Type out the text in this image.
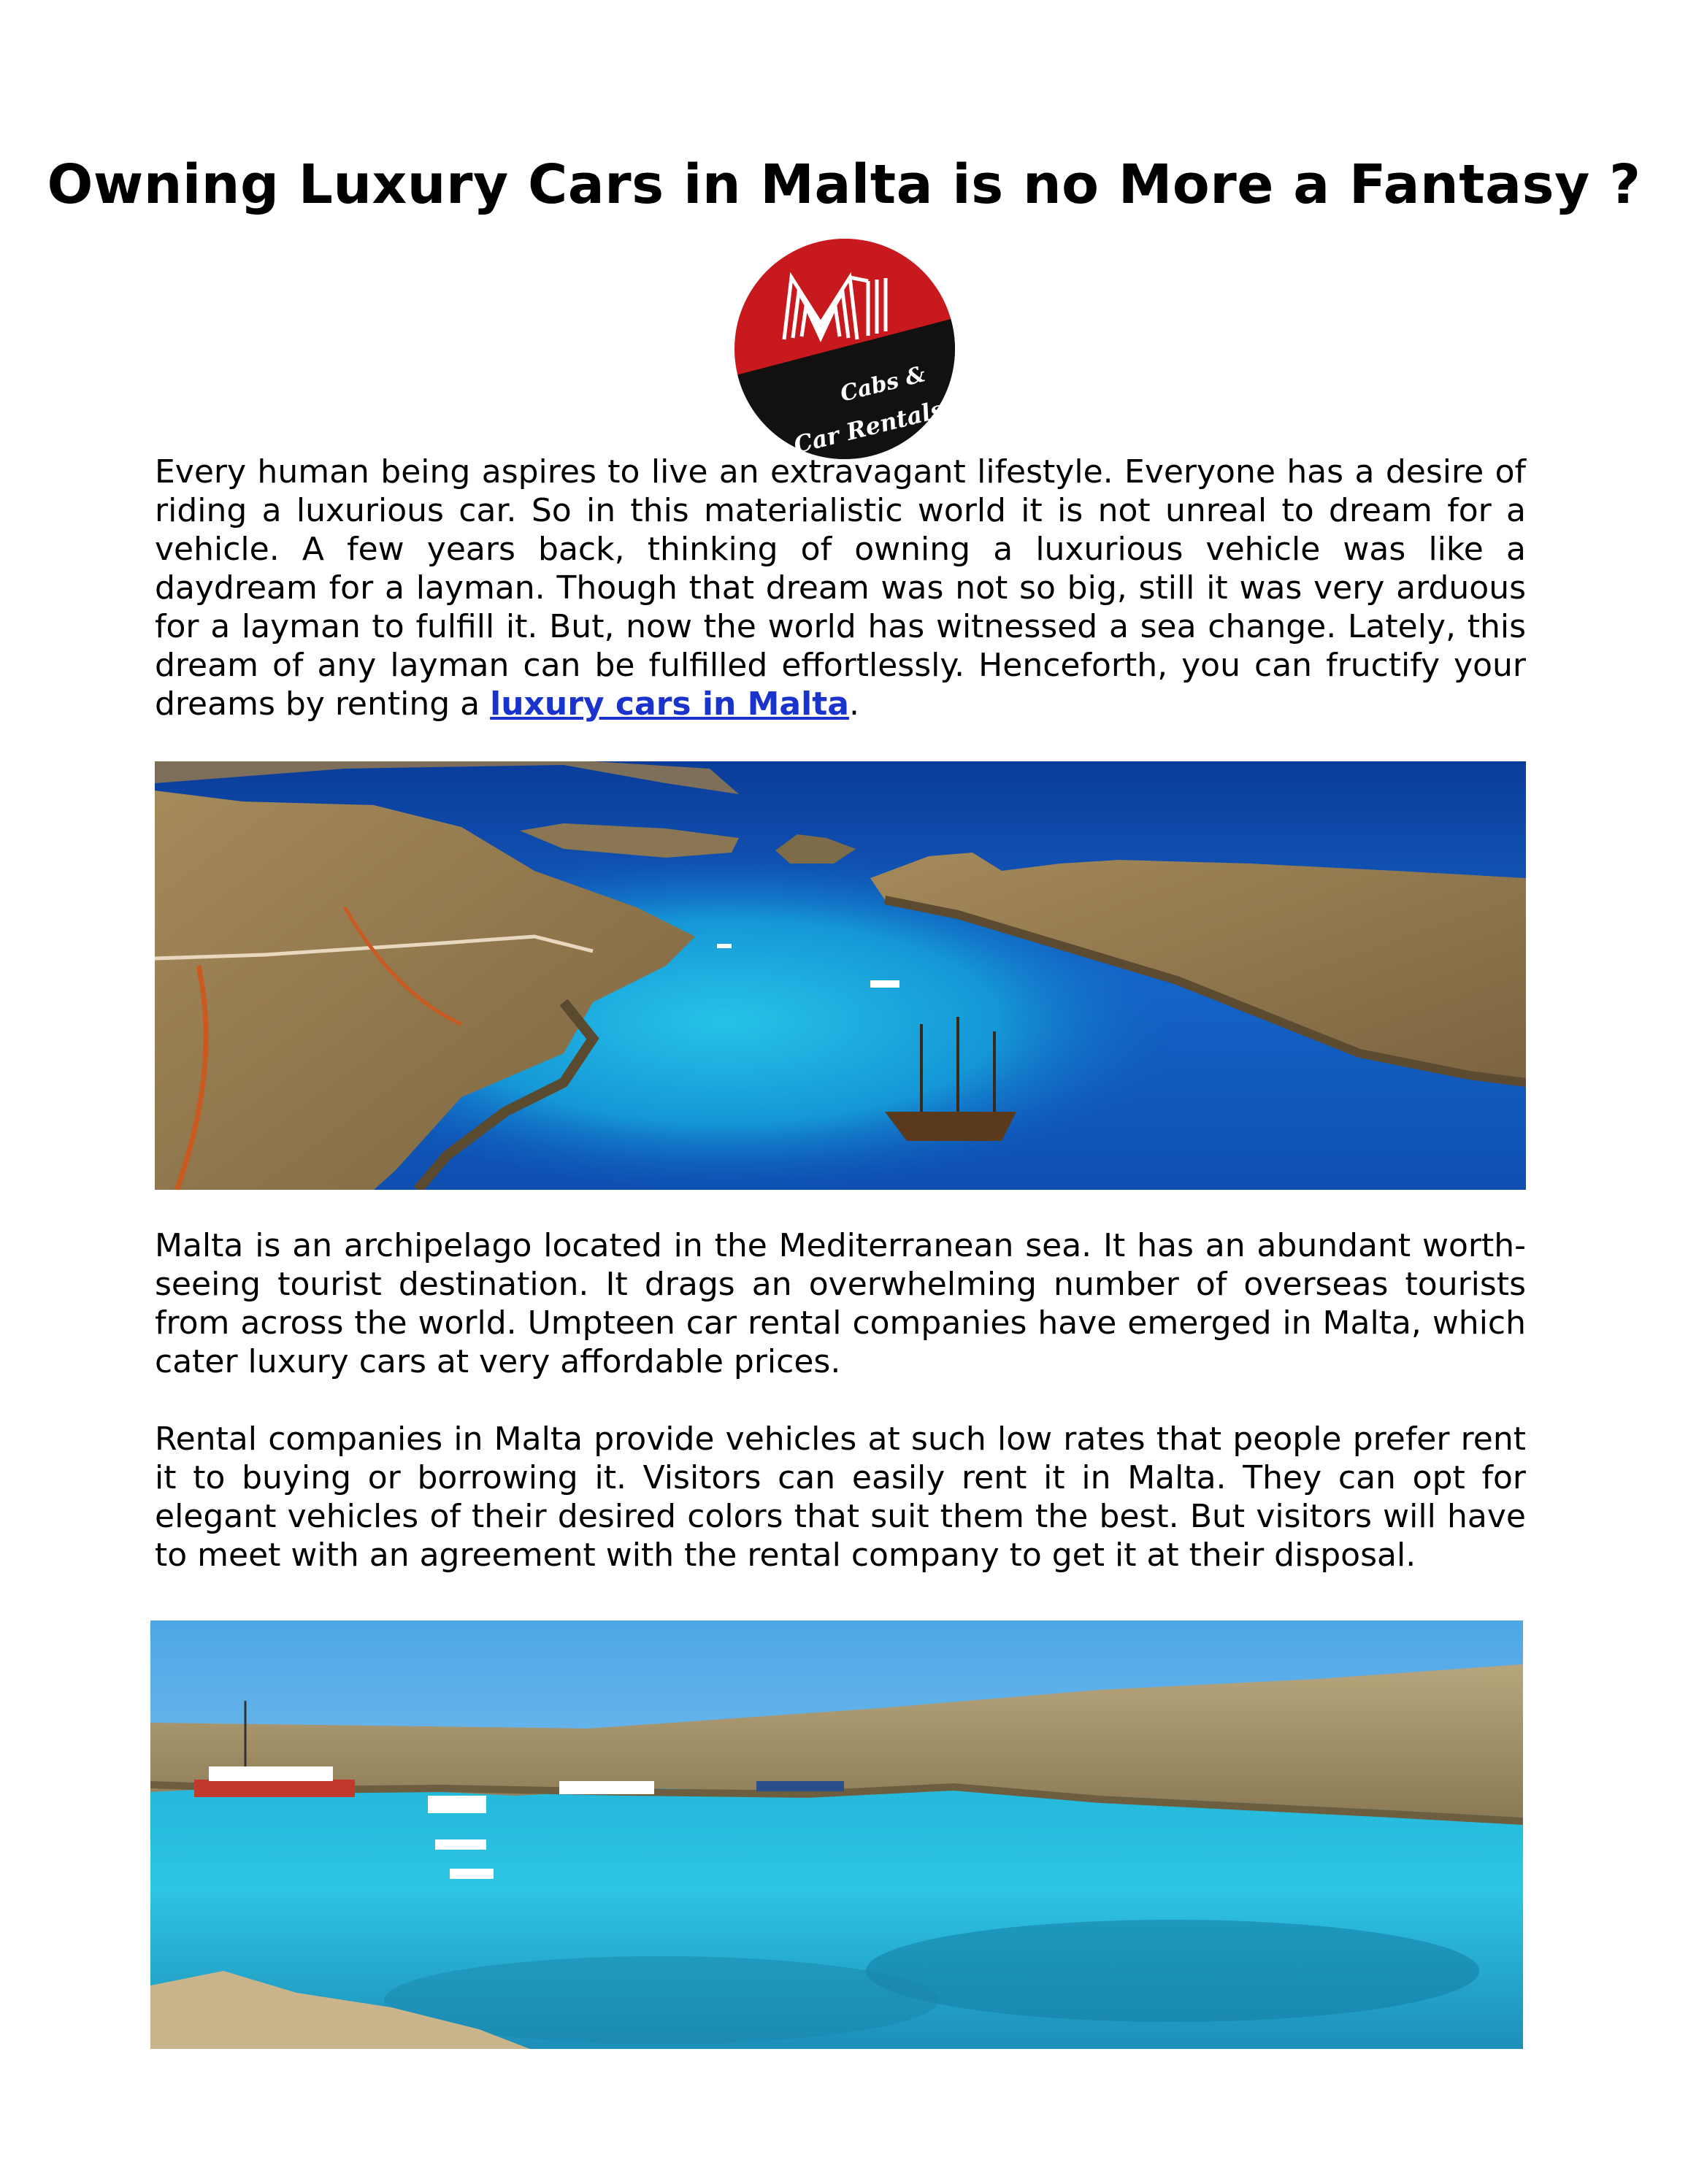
Owning Luxury Cars in Malta is no More a Fantasy ?
Cabs &
Car Rentals

Every human being aspires to live an extravagant lifestyle. Everyone has a desire of riding a luxurious car. So in this materialistic world it is not unreal to dream for a vehicle. A few years back, thinking of owning a luxurious vehicle was like a daydream for a layman. Though that dream was not so big, still it was very arduous for a layman to fulfill it. But, now the world has witnessed a sea change. Lately, this dream of any layman can be fulfilled effortlessly. Henceforth, you can fructify your dreams by renting a luxury cars in Malta.

Malta is an archipelago located in the Mediterranean sea. It has an abundant worth-seeing tourist destination. It drags an overwhelming number of overseas tourists from across the world. Umpteen car rental companies have emerged in Malta, which cater luxury cars at very affordable prices.

Rental companies in Malta provide vehicles at such low rates that people prefer rent it to buying or borrowing it. Visitors can easily rent it in Malta. They can opt for elegant vehicles of their desired colors that suit them the best. But visitors will have to meet with an agreement with the rental company to get it at their disposal.
